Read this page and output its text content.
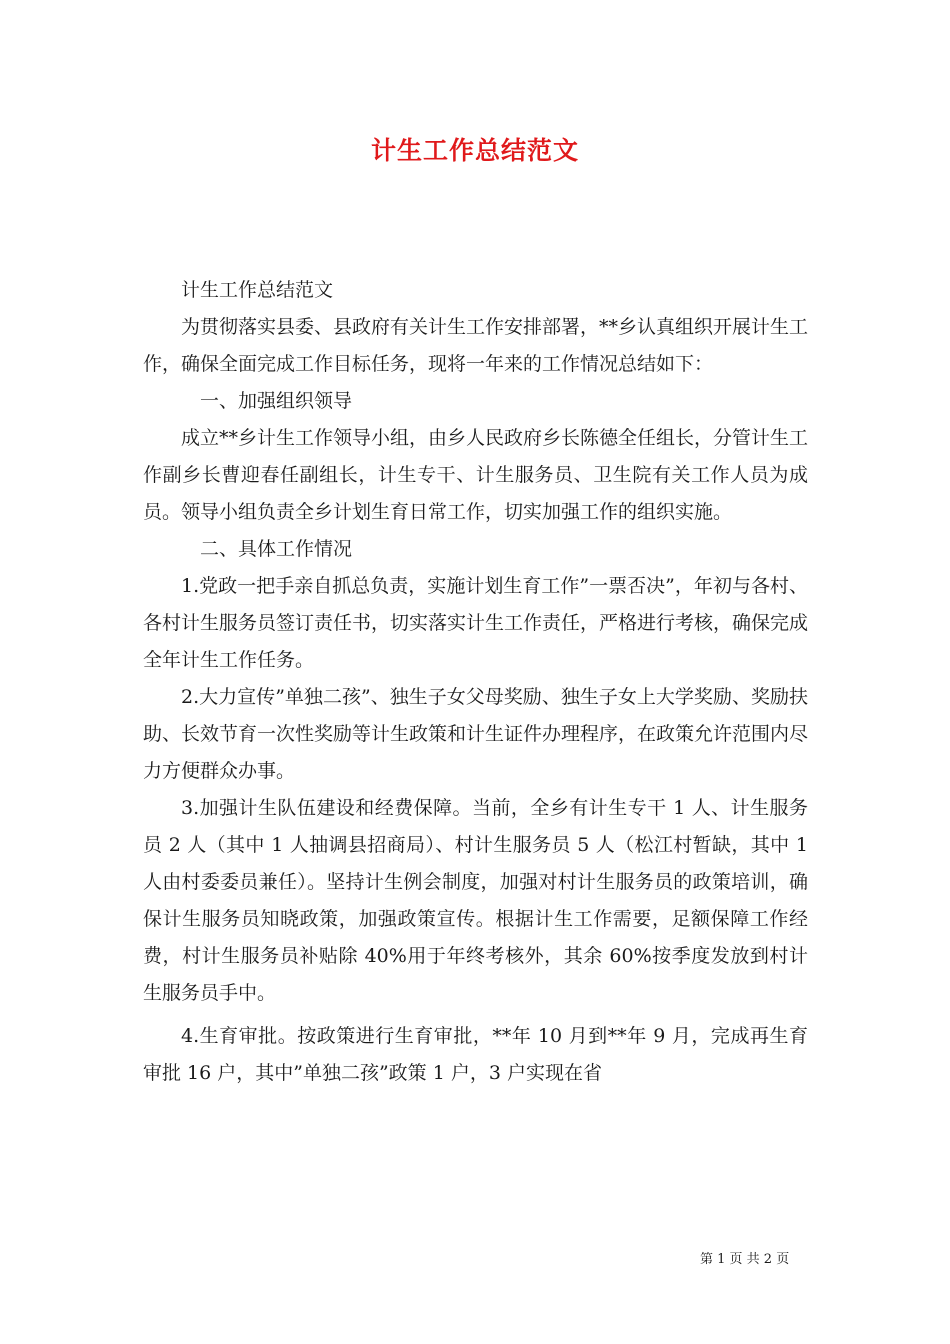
计生工作总结范文

计生工作总结范文

为贯彻落实县委、县政府有关计生工作安排部署，**乡认真组织开展计生工作，确保全面完成工作目标任务，现将一年来的工作情况总结如下：

一、加强组织领导

成立**乡计生工作领导小组，由乡人民政府乡长陈德全任组长，分管计生工作副乡长曹迎春任副组长，计生专干、计生服务员、卫生院有关工作人员为成员。领导小组负责全乡计划生育日常工作，切实加强工作的组织实施。

二、具体工作情况

1.党政一把手亲自抓总负责，实施计划生育工作”一票否决”，年初与各村、各村计生服务员签订责任书，切实落实计生工作责任，严格进行考核，确保完成全年计生工作任务。

2.大力宣传”单独二孩”、独生子女父母奖励、独生子女上大学奖励、奖励扶助、长效节育一次性奖励等计生政策和计生证件办理程序，在政策允许范围内尽力方便群众办事。

3.加强计生队伍建设和经费保障。当前，全乡有计生专干 1 人、计生服务员 2 人（其中 1 人抽调县招商局）、村计生服务员 5 人（松江村暂缺，其中 1 人由村委委员兼任）。坚持计生例会制度，加强对村计生服务员的政策培训，确保计生服务员知晓政策，加强政策宣传。根据计生工作需要，足额保障工作经费，村计生服务员补贴除 40%用于年终考核外，其余 60%按季度发放到村计生服务员手中。

4.生育审批。按政策进行生育审批，**年 10 月到**年 9 月，完成再生育审批 16 户，其中”单独二孩”政策 1 户，3 户实现在省

第 1 页 共 2 页
